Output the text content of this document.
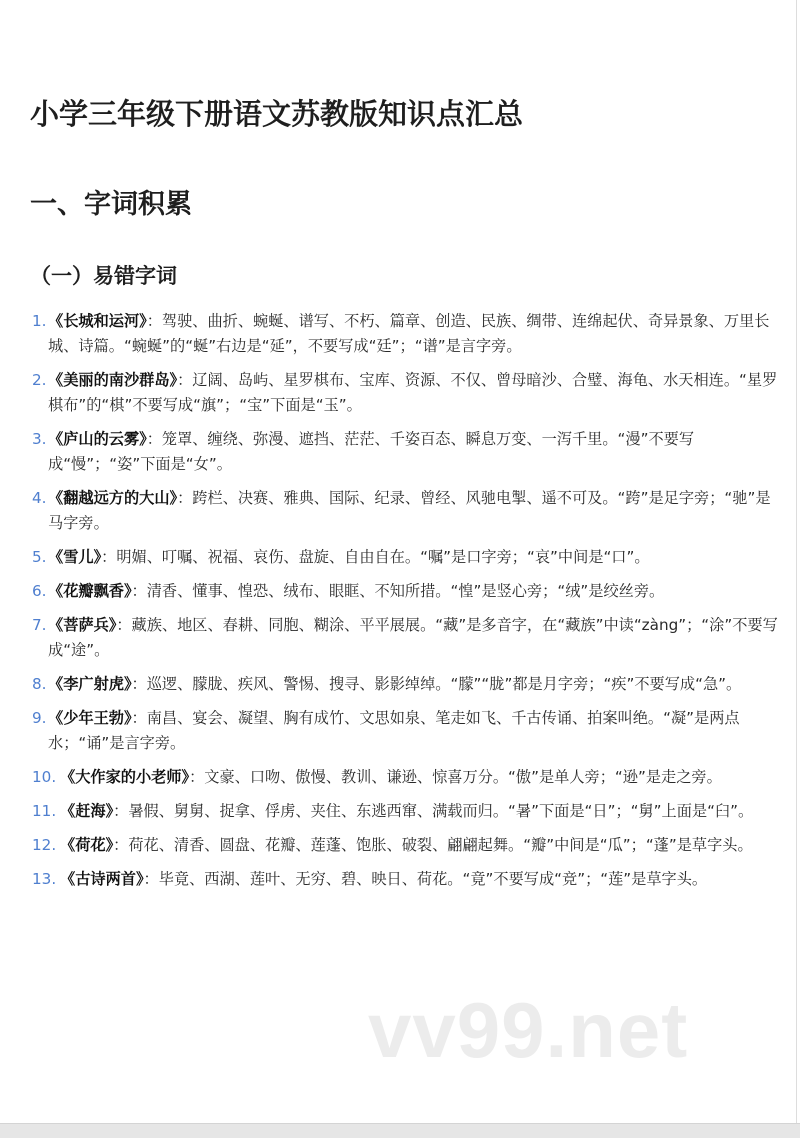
小学三年级下册语文苏教版知识点汇总
一、字词积累
（一）易错字词
1. 《长城和运河》：驾驶、曲折、蜿蜒、谱写、不朽、篇章、创造、民族、绸带、连绵起伏、奇异景象、万里长城、诗篇。“蜿蜒”的“蜒”右边是“延”，不要写成“廷”；“谱”是言字旁。
2. 《美丽的南沙群岛》：辽阔、岛屿、星罗棋布、宝库、资源、不仅、曾母暗沙、合璧、海龟、水天相连。“星罗棋布”的“棋”不要写成“旗”；“宝”下面是“玉”。
3. 《庐山的云雾》：笼罩、缠绕、弥漫、遮挡、茫茫、千姿百态、瞬息万变、一泻千里。“漫”不要写成“慢”；“姿”下面是“女”。
4. 《翻越远方的大山》：跨栏、决赛、雅典、国际、纪录、曾经、风驰电掣、遥不可及。“跨”是足字旁；“驰”是马字旁。
5. 《雪儿》：明媚、叮嘱、祝福、哀伤、盘旋、自由自在。“嘱”是口字旁；“哀”中间是“口”。
6. 《花瓣飘香》：清香、懂事、惶恐、绒布、眼眶、不知所措。“惶”是竖心旁；“绒”是绞丝旁。
7. 《菩萨兵》：藏族、地区、春耕、同胞、糊涂、平平展展。“藏”是多音字，在“藏族”中读“zàng”；“涂”不要写成“途”。
8. 《李广射虎》：巡逻、朦胧、疾风、警惕、搜寻、影影绰绰。“朦”“胧”都是月字旁；“疾”不要写成“急”。
9. 《少年王勃》：南昌、宴会、凝望、胸有成竹、文思如泉、笔走如飞、千古传诵、拍案叫绝。“凝”是两点水；“诵”是言字旁。
10. 《大作家的小老师》：文豪、口吻、傲慢、教训、谦逊、惊喜万分。“傲”是单人旁；“逊”是走之旁。
11. 《赶海》：暑假、舅舅、捉拿、俘虏、夹住、东逃西窜、满载而归。“暑”下面是“日”；“舅”上面是“臼”。
12. 《荷花》：荷花、清香、圆盘、花瓣、莲蓬、饱胀、破裂、翩翩起舞。“瓣”中间是“瓜”；“蓬”是草字头。
13. 《古诗两首》：毕竟、西湖、莲叶、无穷、碧、映日、荷花。“竟”不要写成“竞”；“莲”是草字头。
vv99.net
